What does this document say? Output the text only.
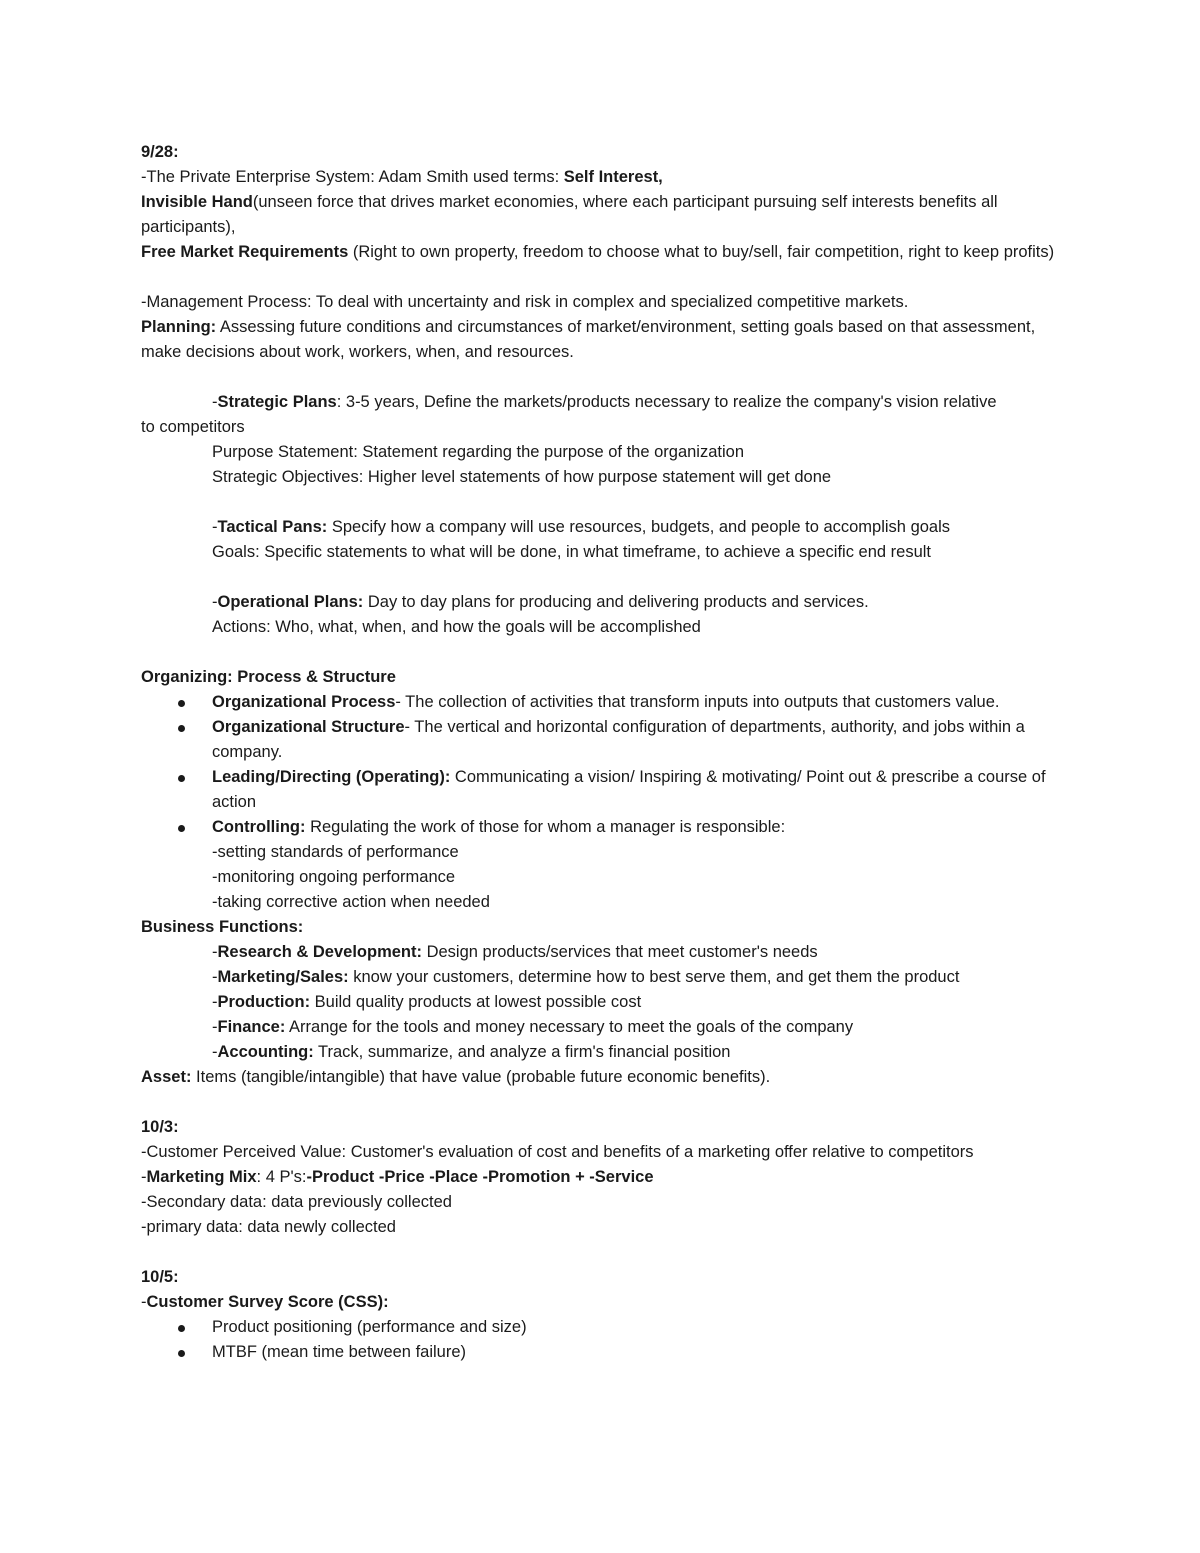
9/28:
-The Private Enterprise System: Adam Smith used terms: Self Interest,
Invisible Hand(unseen force that drives market economies, where each participant pursuing self interests benefits all participants),
Free Market Requirements (Right to own property, freedom to choose what to buy/sell, fair competition, right to keep profits)
-Management Process: To deal with uncertainty and risk in complex and specialized competitive markets.
Planning: Assessing future conditions and circumstances of market/environment, setting goals based on that assessment, make decisions about work, workers, when, and resources.
-Strategic Plans: 3-5 years, Define the markets/products necessary to realize the company's vision relative
to competitors
Purpose Statement: Statement regarding the purpose of the organization
Strategic Objectives: Higher level statements of how purpose statement will get done
-Tactical Pans: Specify how a company will use resources, budgets, and people to accomplish goals
Goals: Specific statements to what will be done, in what timeframe, to achieve a specific end result
-Operational Plans: Day to day plans for producing and delivering products and services.
Actions: Who, what, when, and how the goals will be accomplished
Organizing: Process & Structure
Organizational Process- The collection of activities that transform inputs into outputs that customers value.
Organizational Structure- The vertical and horizontal configuration of departments, authority, and jobs within a company.
Leading/Directing (Operating): Communicating a vision/ Inspiring & motivating/ Point out & prescribe a course of action
Controlling: Regulating the work of those for whom a manager is responsible:
-setting standards of performance
-monitoring ongoing performance
-taking corrective action when needed
Business Functions:
-Research & Development: Design products/services that meet customer's needs
-Marketing/Sales: know your customers, determine how to best serve them, and get them the product
-Production: Build quality products at lowest possible cost
-Finance: Arrange for the tools and money necessary to meet the goals of the company
-Accounting: Track, summarize, and analyze a firm's financial position
Asset: Items (tangible/intangible) that have value (probable future economic benefits).
10/3:
-Customer Perceived Value: Customer's evaluation of cost and benefits of a marketing offer relative to competitors
-Marketing Mix: 4 P's:-Product -Price -Place -Promotion + -Service
-Secondary data: data previously collected
-primary data: data newly collected
10/5:
-Customer Survey Score (CSS):
Product positioning (performance and size)
MTBF (mean time between failure)
